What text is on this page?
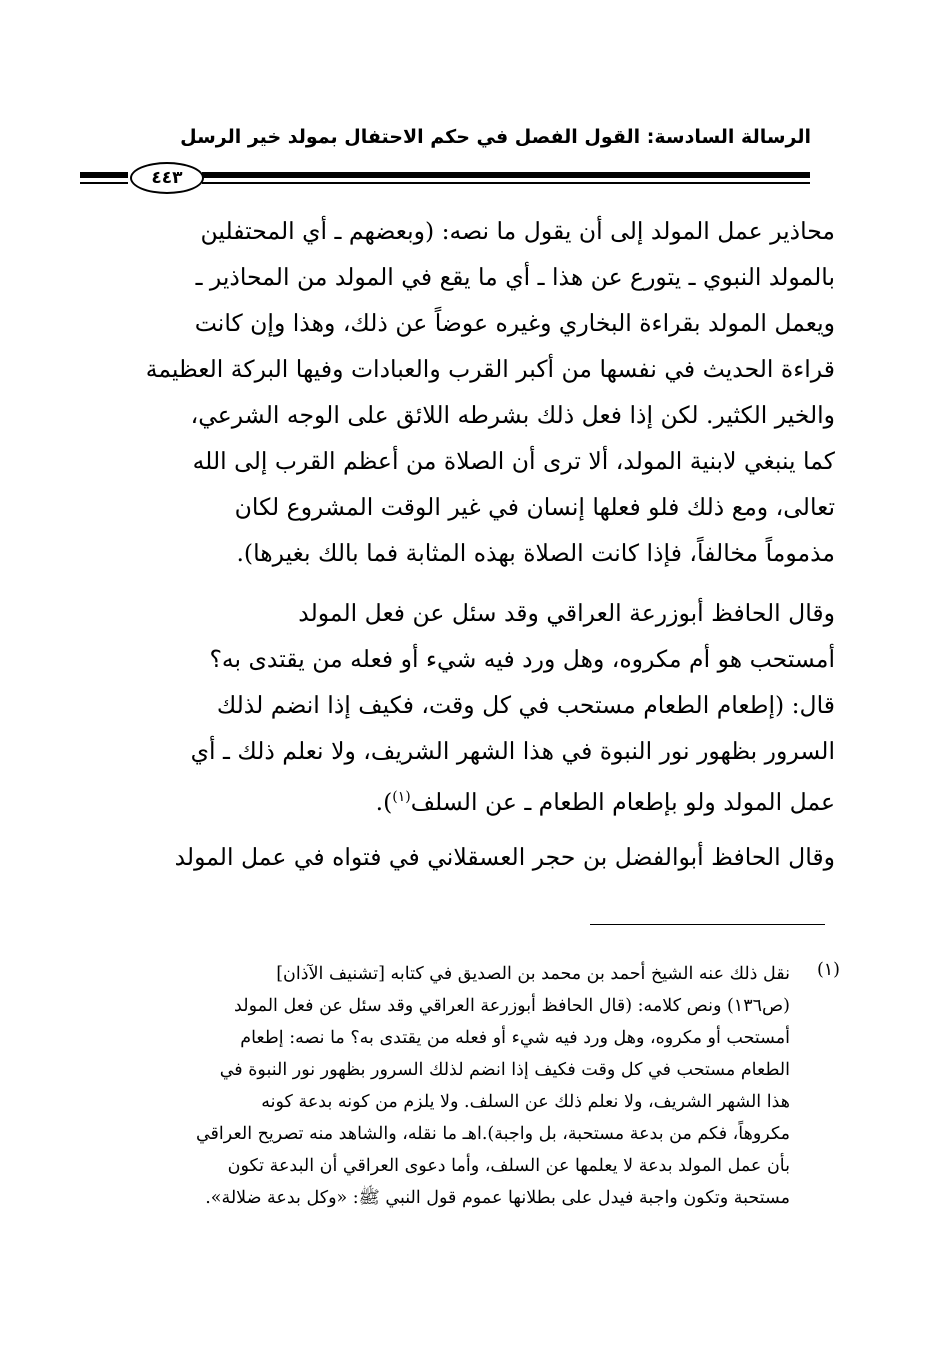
الرسالة السادسة: القول الفصل في حكم الاحتفال بمولد خير الرسل
٤٤٣
محاذير عمل المولد إلى أن يقول ما نصه: (وبعضهم ـ أي المحتفلين
بالمولد النبوي ـ يتورع عن هذا ـ أي ما يقع في المولد من المحاذير ـ
ويعمل المولد بقراءة البخاري وغيره عوضاً عن ذلك، وهذا وإن كانت
قراءة الحديث في نفسها من أكبر القرب والعبادات وفيها البركة العظيمة
والخير الكثير. لكن إذا فعل ذلك بشرطه اللائق على الوجه الشرعي،
كما ينبغي لابنية المولد، ألا ترى أن الصلاة من أعظم القرب إلى الله
تعالى، ومع ذلك فلو فعلها إنسان في غير الوقت المشروع لكان
مذموماً مخالفاً، فإذا كانت الصلاة بهذه المثابة فما بالك بغيرها).
وقال الحافظ أبوزرعة العراقي وقد سئل عن فعل المولد
أمستحب هو أم مكروه، وهل ورد فيه شيء أو فعله من يقتدى به؟
قال: (إطعام الطعام مستحب في كل وقت، فكيف إذا انضم لذلك
السرور بظهور نور النبوة في هذا الشهر الشريف، ولا نعلم ذلك ـ أي
عمل المولد ولو بإطعام الطعام ـ عن السلف$^{(١)}$).
وقال الحافظ أبوالفضل بن حجر العسقلاني في فتواه في عمل المولد
(١)
نقل ذلك عنه الشيخ أحمد بن محمد بن الصديق في كتابه [تشنيف الآذان]
(ص١٣٦) ونص كلامه: (قال الحافظ أبوزرعة العراقي وقد سئل عن فعل المولد
أمستحب أو مكروه، وهل ورد فيه شيء أو فعله من يقتدى به؟ ما نصه: إطعام
الطعام مستحب في كل وقت فكيف إذا انضم لذلك السرور بظهور نور النبوة في
هذا الشهر الشريف، ولا نعلم ذلك عن السلف. ولا يلزم من كونه بدعة كونه
مكروهاً، فكم من بدعة مستحبة، بل واجبة).اهـ ما نقله، والشاهد منه تصريح العراقي
بأن عمل المولد بدعة لا يعلمها عن السلف، وأما دعوى العراقي أن البدعة تكون
مستحبة وتكون واجبة فيدل على بطلانها عموم قول النبي ﷺ: «وكل بدعة ضلالة».
